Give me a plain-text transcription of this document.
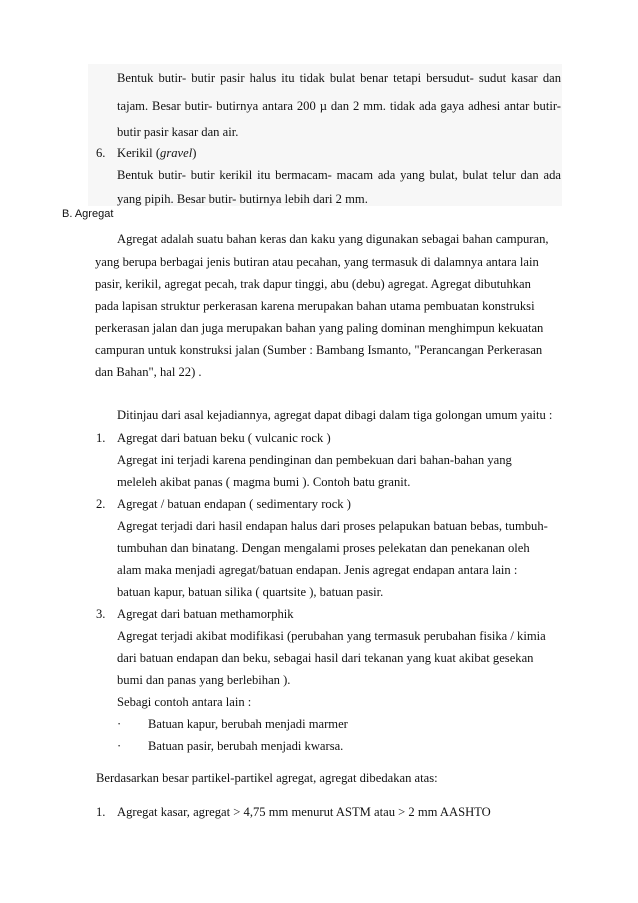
Bentuk butir- butir pasir halus itu tidak bulat benar tetapi bersudut- sudut kasar dan
tajam. Besar butir- butirnya antara 200 µ dan 2 mm. tidak ada gaya adhesi antar butir-
butir pasir kasar dan air.
6. Kerikil (gravel)
Bentuk butir- butir kerikil itu bermacam- macam ada yang bulat, bulat telur dan ada
yang pipih. Besar butir- butirnya lebih dari 2 mm.
B. Agregat
Agregat adalah suatu bahan keras dan kaku yang digunakan sebagai bahan campuran,
yang berupa berbagai jenis butiran atau pecahan, yang termasuk di dalamnya antara lain
pasir, kerikil, agregat pecah, trak dapur tinggi, abu (debu) agregat. Agregat dibutuhkan
pada lapisan struktur perkerasan karena merupakan bahan utama pembuatan konstruksi
perkerasan jalan dan juga merupakan bahan yang paling dominan menghimpun kekuatan
campuran untuk konstruksi jalan (Sumber : Bambang Ismanto, "Perancangan Perkerasan
dan Bahan", hal 22) .
Ditinjau dari asal kejadiannya, agregat dapat dibagi dalam tiga golongan umum yaitu :
1. Agregat dari batuan beku ( vulcanic rock )
Agregat ini terjadi karena pendinginan dan pembekuan dari bahan-bahan yang
meleleh akibat panas ( magma bumi ). Contoh batu granit.
2. Agregat / batuan endapan ( sedimentary rock )
Agregat terjadi dari hasil endapan halus dari proses pelapukan batuan bebas, tumbuh-
tumbuhan dan binatang. Dengan mengalami proses pelekatan dan penekanan oleh
alam maka menjadi agregat/batuan endapan. Jenis agregat endapan antara lain :
batuan kapur, batuan silika ( quartsite ), batuan pasir.
3. Agregat dari batuan methamorphik
Agregat terjadi akibat modifikasi (perubahan yang termasuk perubahan fisika / kimia
dari batuan endapan dan beku, sebagai hasil dari tekanan yang kuat akibat gesekan
bumi dan panas yang berlebihan ).
Sebagi contoh antara lain :
· Batuan kapur, berubah menjadi marmer
· Batuan pasir, berubah menjadi kwarsa.
Berdasarkan besar partikel-partikel agregat, agregat dibedakan atas:
1. Agregat kasar, agregat > 4,75 mm menurut ASTM atau > 2 mm AASHTO
